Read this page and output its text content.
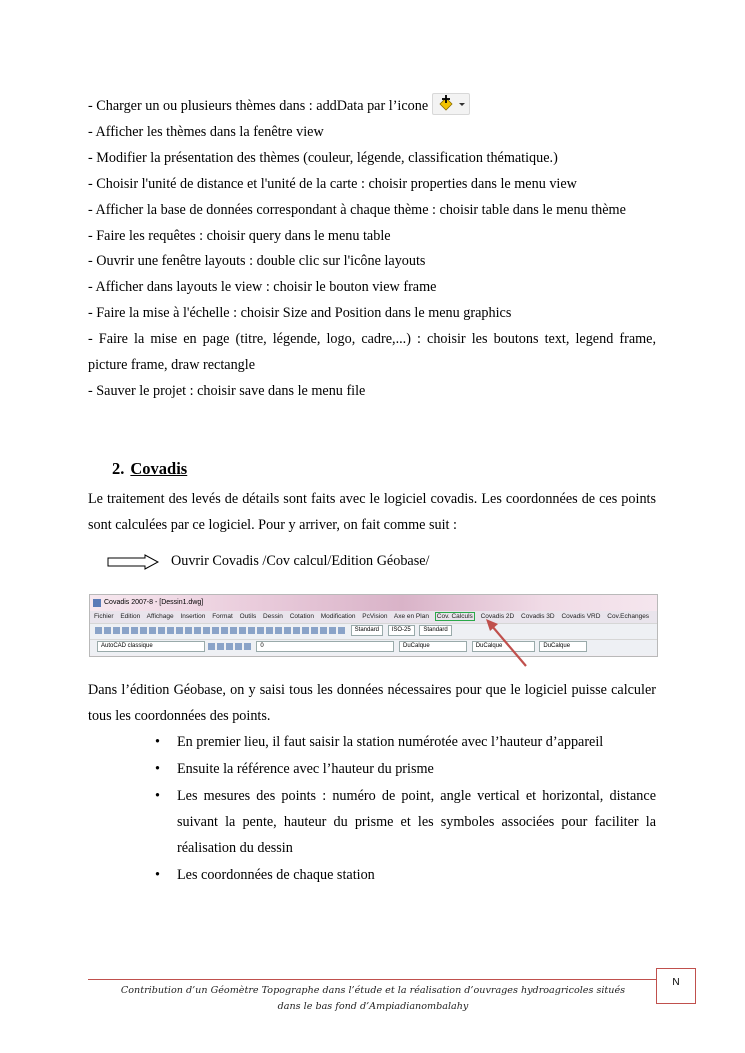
- Charger un ou plusieurs thèmes dans : addData par l’icone

- Afficher les thèmes dans la fenêtre view

- Modifier la présentation des thèmes (couleur, légende, classification thématique.)

- Choisir l'unité de distance et l'unité de la carte : choisir properties dans le menu view

- Afficher la base de données correspondant à chaque thème : choisir table dans le menu thème

- Faire les requêtes : choisir query dans le menu table

- Ouvrir une fenêtre layouts : double clic sur l'icône layouts

- Afficher dans layouts le view : choisir le bouton view frame

- Faire la mise à l'échelle : choisir Size and Position dans le menu graphics

- Faire la mise en page (titre, légende, logo, cadre,...) : choisir les boutons text, legend frame, picture frame, draw rectangle

- Sauver le projet : choisir save dans le menu file

2. Covadis

Le traitement des levés de détails sont faits avec le logiciel covadis. Les coordonnées de ces points sont calculées par ce logiciel. Pour y arriver, on fait comme suit :

Ouvrir Covadis /Cov calcul/Edition Géobase/
Covadis 2007-8 - [Dessin1.dwg]
Fichier Edition Affichage Insertion Format Outils Dessin Cotation Modification PcVision Axe en Plan Cov. Calculs Covadis 2D Covadis 3D Covadis VRD Cov.Echanges
Standard ISO-25 Standard
AutoCAD classique	0	DuCalque	DuCalque	DuCalque

Dans l’édition Géobase, on y saisi tous les données nécessaires pour que le logiciel puisse calculer tous les coordonnées des points.

• En premier lieu, il faut saisir la station numérotée avec l’hauteur d’appareil
• Ensuite la référence avec l’hauteur du prisme
• Les mesures des points : numéro de point, angle vertical et horizontal, distance suivant la pente, hauteur du prisme et les symboles associées pour faciliter la réalisation du dessin
• Les coordonnées de chaque station
Contribution d’un Géomètre Topographe dans l’étude et la réalisation d’ouvrages hydroagricoles situés dans le bas fond d’Ampiadianombalahy
N
